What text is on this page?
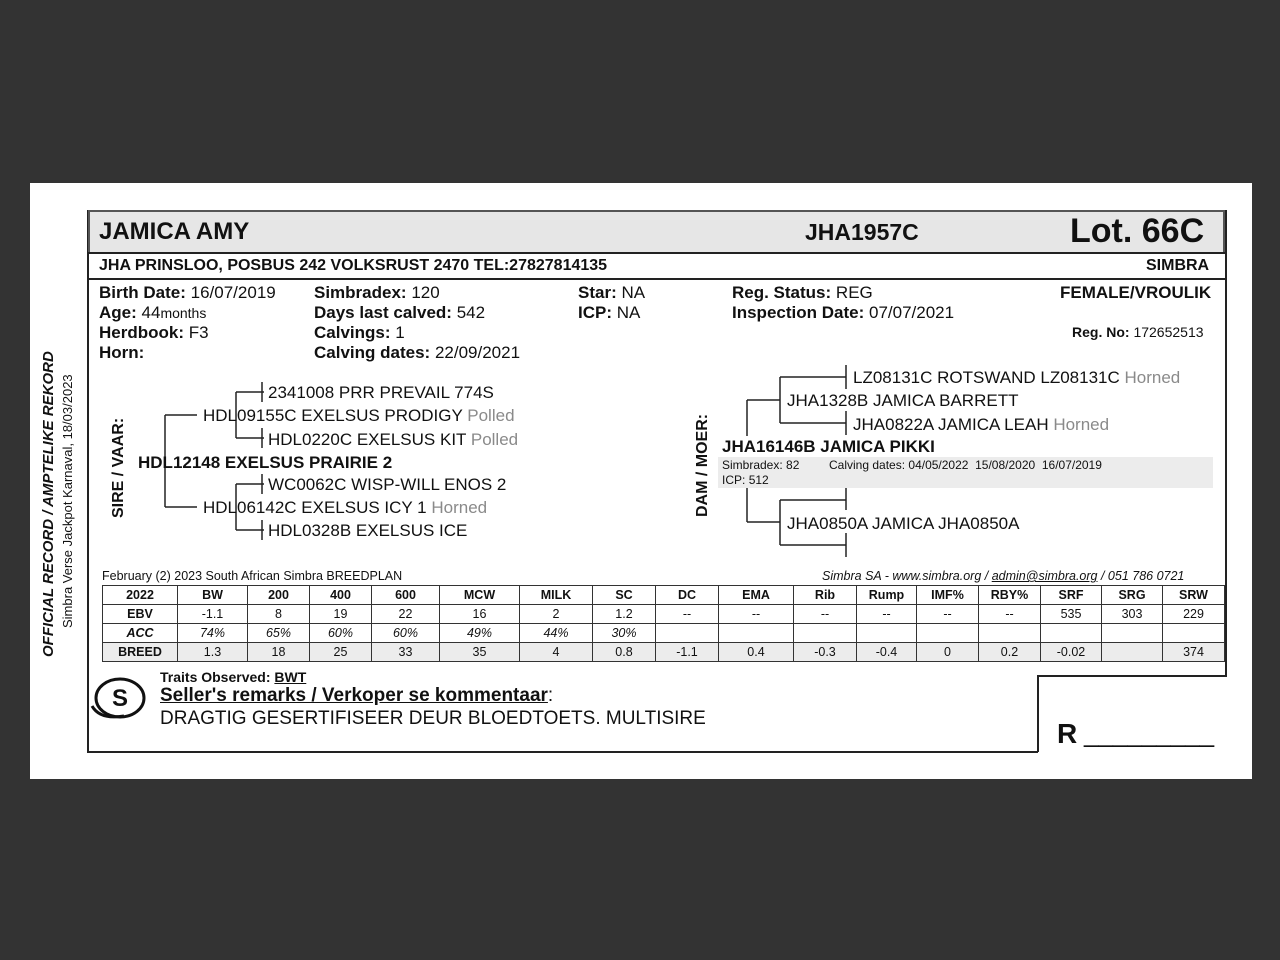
OFFICIAL RECORD / AMPTELIKE REKORD Simbra Verse Jackpot Karnaval, 18/03/2023
JAMICA AMY	JHA1957C	Lot. 66C
JHA PRINSLOO, POSBUS 242 VOLKSRUST 2470 TEL:27827814135	SIMBRA
Birth Date: 16/07/2019
Age: 44months
Herdbook: F3
Horn:
Simbradex: 120
Days last calved: 542
Calvings: 1
Calving dates: 22/09/2021
Star: NA
ICP: NA
Reg. Status: REG
Inspection Date: 07/07/2021
FEMALE/VROULIK
Reg. No: 172652513
SIRE / VAAR:
2341008 PRR PREVAIL 774S
HDL09155C EXELSUS PRODIGY Polled
HDL0220C EXELSUS KIT Polled
HDL12148 EXELSUS PRAIRIE 2
WC0062C WISP-WILL ENOS 2
HDL06142C EXELSUS ICY 1 Horned
HDL0328B EXELSUS ICE
DAM / MOER:
LZ08131C ROTSWAND LZ08131C Horned
JHA1328B JAMICA BARRETT
JHA0822A JAMICA LEAH Horned
JHA16146B JAMICA PIKKI
Simbradex: 82 Calving dates: 04/05/2022  15/08/2020  16/07/2019
ICP: 512
JHA0850A JAMICA JHA0850A
February (2) 2023 South African Simbra BREEDPLAN	Simbra SA - www.simbra.org / admin@simbra.org / 051 786 0721
2022	BW	200	400	600	MCW	MILK	SC	DC	EMA	Rib	Rump	IMF%	RBY%	SRF	SRG	SRW
EBV	-1.1	8	19	22	16	2	1.2	--	--	--	--	--	--	535	303	229
ACC	74%	65%	60%	60%	49%	44%	30%									
BREED	1.3	18	25	33	35	4	0.8	-1.1	0.4	-0.3	-0.4	0	0.2	-0.02		374
Traits Observed: BWT
S Seller's remarks / Verkoper se kommentaar:
DRAGTIG GESERTIFISEER DEUR BLOEDTOETS. MULTISIRE	R _________
